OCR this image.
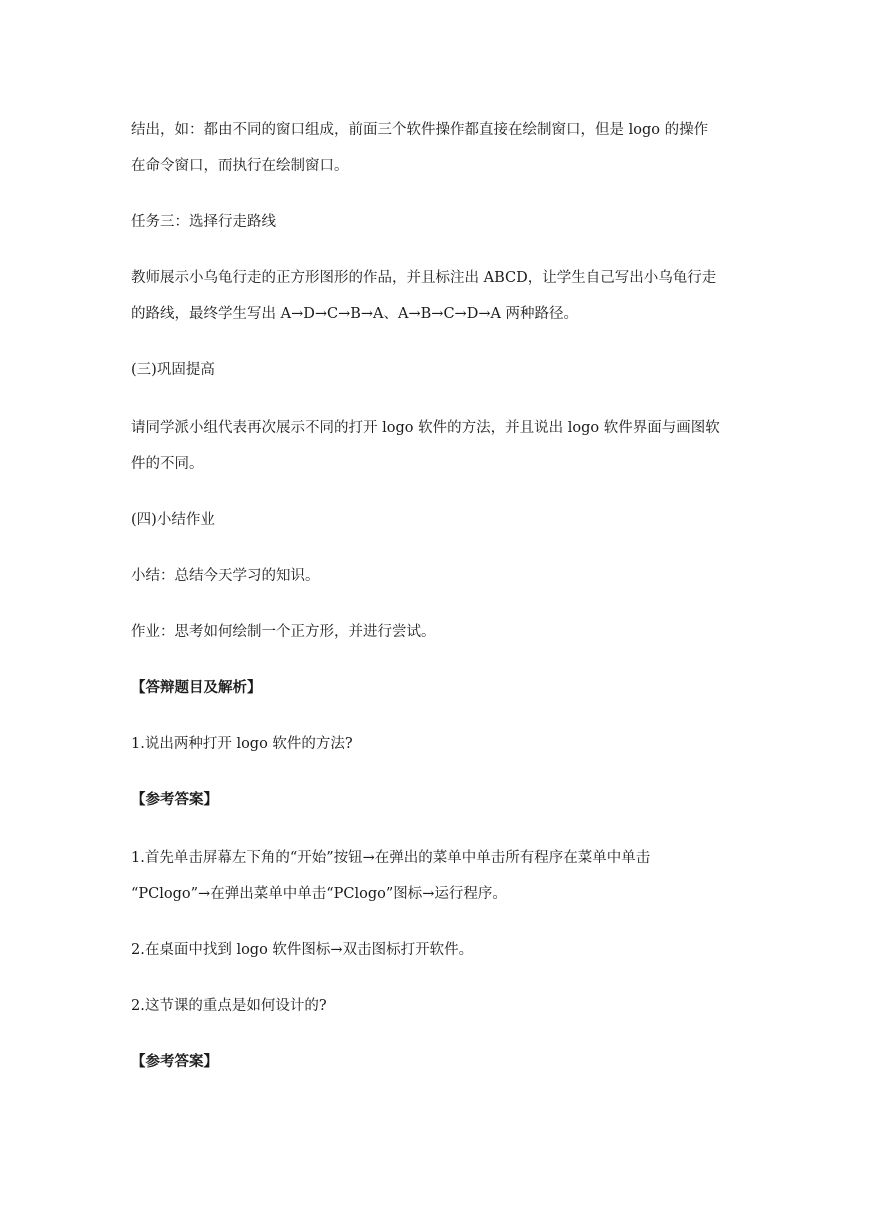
结出，如：都由不同的窗口组成，前面三个软件操作都直接在绘制窗口，但是 logo 的操作
在命令窗口，而执行在绘制窗口。

任务三：选择行走路线

教师展示小乌龟行走的正方形图形的作品，并且标注出 ABCD，让学生自己写出小乌龟行走
的路线，最终学生写出 A→D→C→B→A、A→B→C→D→A 两种路径。

(三)巩固提高

请同学派小组代表再次展示不同的打开 logo 软件的方法，并且说出 logo 软件界面与画图软
件的不同。

(四)小结作业

小结：总结今天学习的知识。

作业：思考如何绘制一个正方形，并进行尝试。

【答辩题目及解析】

1.说出两种打开 logo 软件的方法?

【参考答案】

1.首先单击屏幕左下角的“开始”按钮→在弹出的菜单中单击所有程序在菜单中单击
“PClogo”→在弹出菜单中单击“PClogo”图标→运行程序。

2.在桌面中找到 logo 软件图标→双击图标打开软件。

2.这节课的重点是如何设计的?

【参考答案】
